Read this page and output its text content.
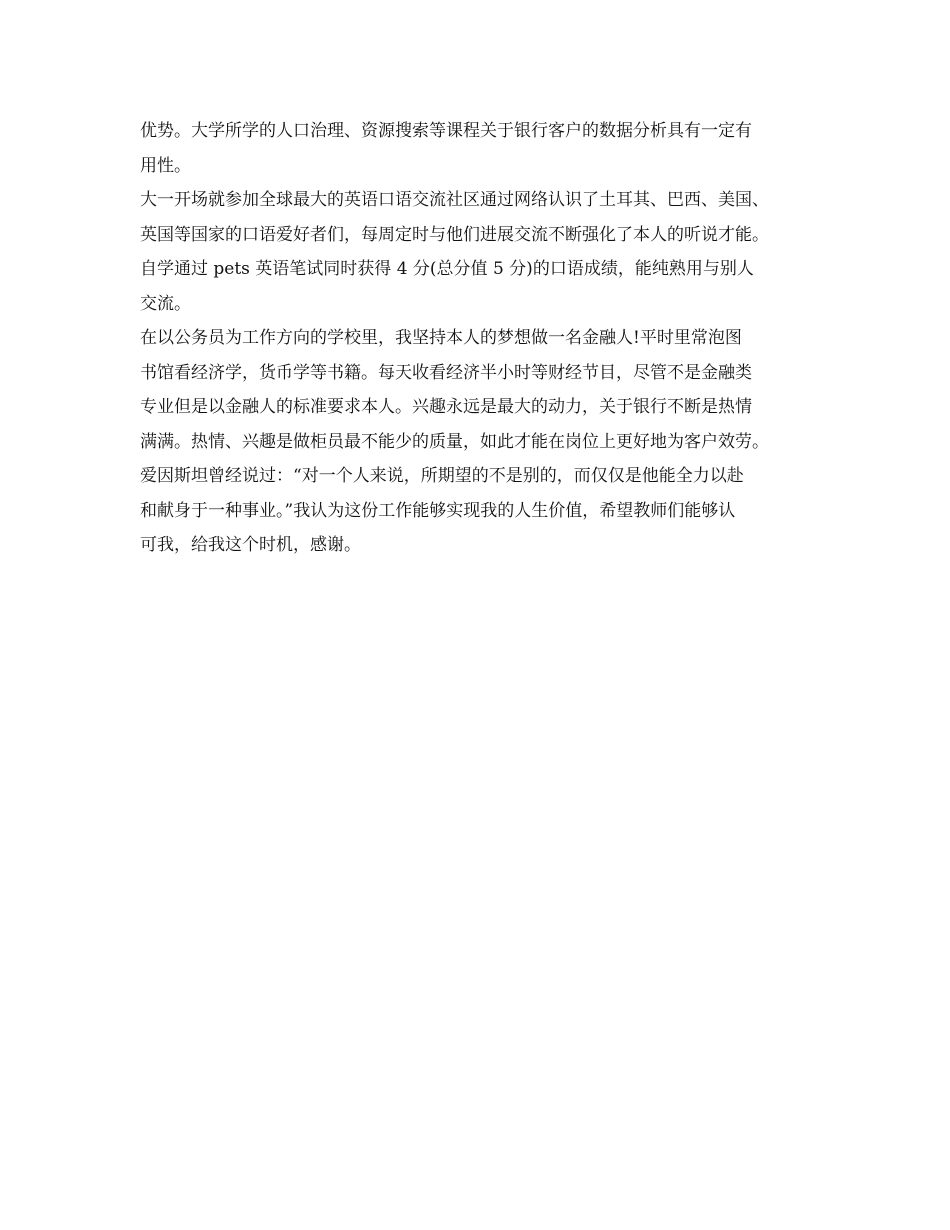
优势。大学所学的人口治理、资源搜索等课程关于银行客户的数据分析具有一定有
用性。
大一开场就参加全球最大的英语口语交流社区通过网络认识了土耳其、巴西、美国、
英国等国家的口语爱好者们，每周定时与他们进展交流不断强化了本人的听说才能。
自学通过 pets 英语笔试同时获得 4 分(总分值 5 分)的口语成绩，能纯熟用与别人
交流。
在以公务员为工作方向的学校里，我坚持本人的梦想做一名金融人!平时里常泡图
书馆看经济学，货币学等书籍。每天收看经济半小时等财经节目，尽管不是金融类
专业但是以金融人的标准要求本人。兴趣永远是最大的动力，关于银行不断是热情
满满。热情、兴趣是做柜员最不能少的质量，如此才能在岗位上更好地为客户效劳。
爱因斯坦曾经说过：“对一个人来说，所期望的不是别的，而仅仅是他能全力以赴
和献身于一种事业。”我认为这份工作能够实现我的人生价值，希望教师们能够认
可我，给我这个时机，感谢。
